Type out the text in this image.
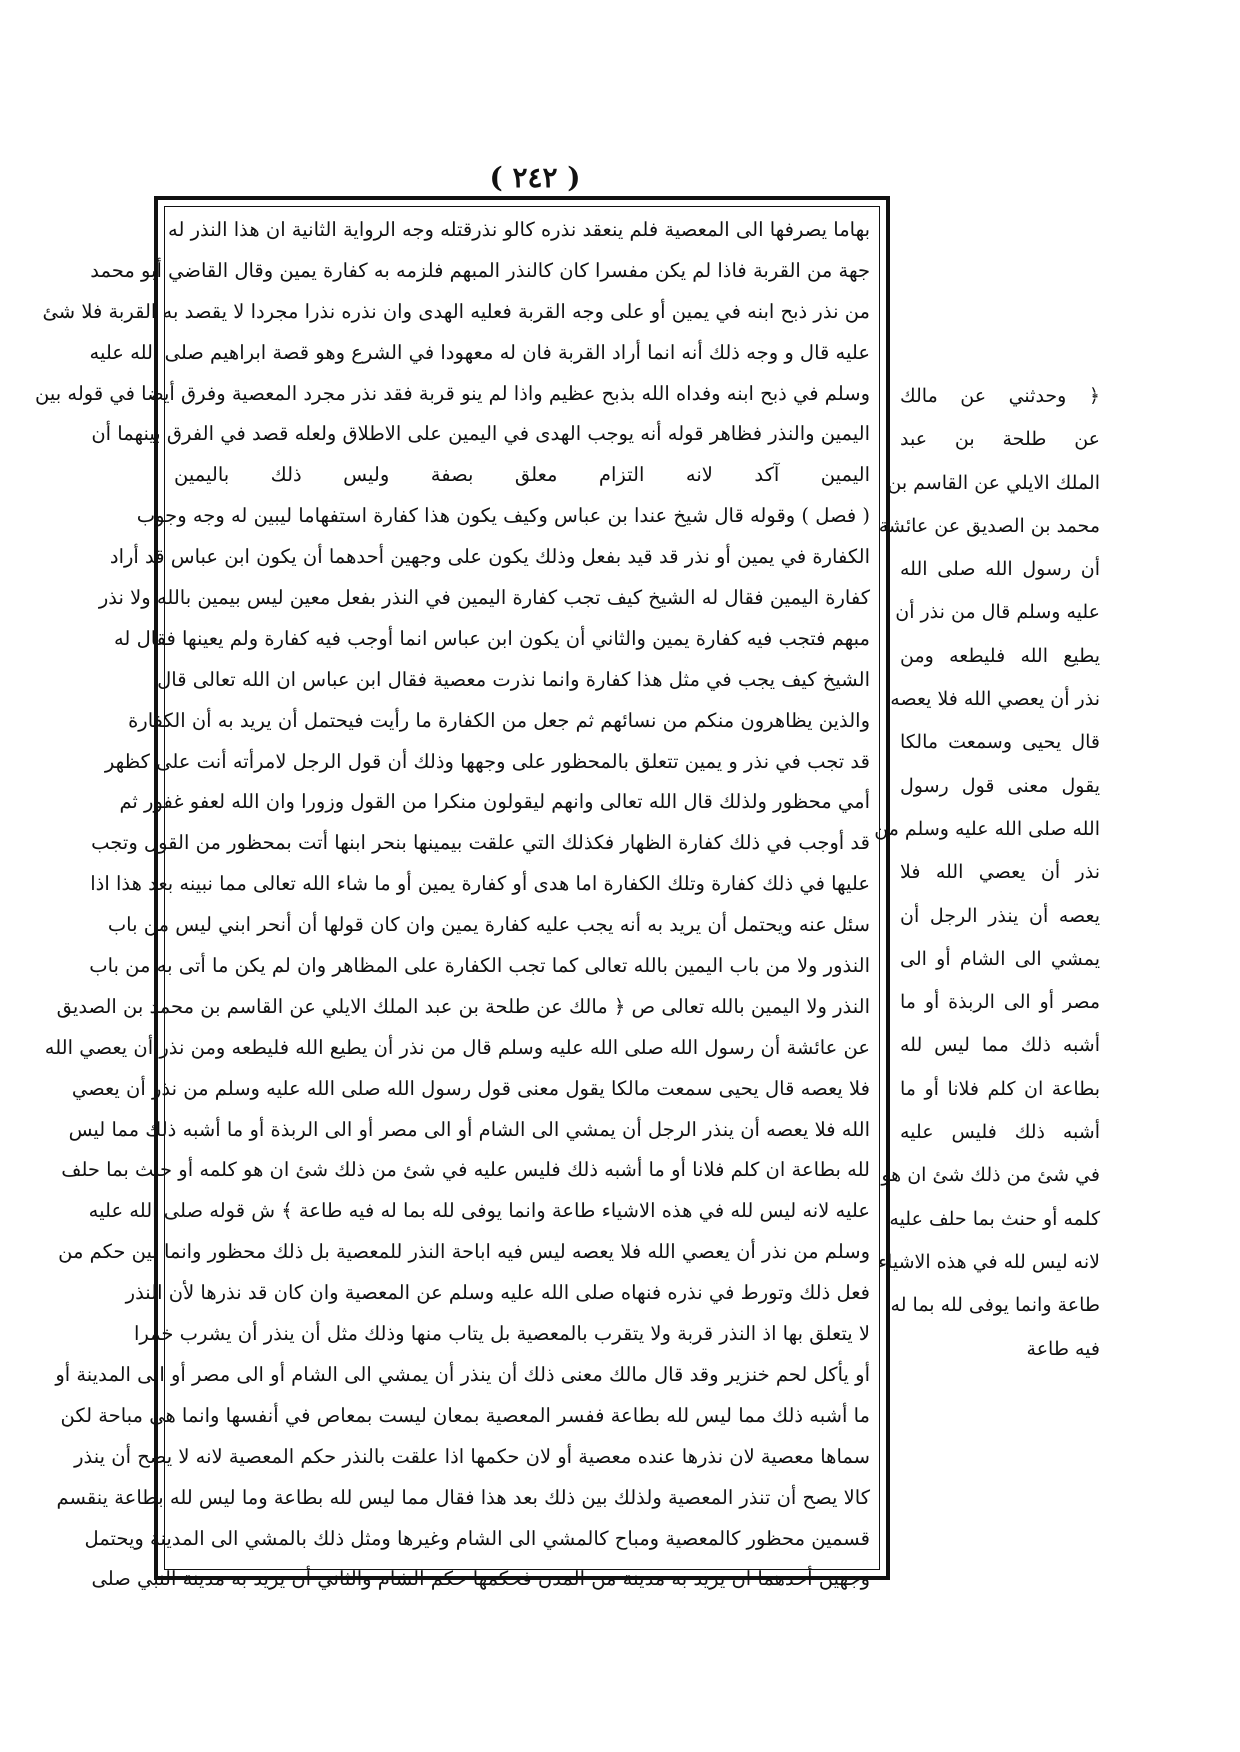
( ٢٤٢ )
بهاما يصرفها الى المعصية فلم ينعقد نذره كالو نذرقتله وجه الرواية الثانية ان هذا النذر له
جهة من القربة فاذا لم يكن مفسرا كان كالنذر المبهم فلزمه به كفارة يمين وقال القاضي أبو محمد
من نذر ذبح ابنه في يمين أو على وجه القربة فعليه الهدى وان نذره نذرا مجردا لا يقصد به القربة فلا شئ
عليه قال و وجه ذلك أنه انما أراد القربة فان له معهودا في الشرع وهو قصة ابراهيم صلى الله عليه
وسلم في ذبح ابنه وفداه الله بذبح عظيم واذا لم ينو قربة فقد نذر مجرد المعصية وفرق أيضا في قوله بين
اليمين والنذر فظاهر قوله أنه يوجب الهدى في اليمين على الاطلاق ولعله قصد في الفرق بينهما أن
اليمين آكد لانه التزام معلق بصفة وليس ذلك باليمين
( فصل ) وقوله قال شيخ عندا بن عباس وكيف يكون هذا كفارة استفهاما ليبين له وجه وجوب
الكفارة في يمين أو نذر قد قيد بفعل وذلك يكون على وجهين أحدهما أن يكون ابن عباس قد أراد
كفارة اليمين فقال له الشيخ كيف تجب كفارة اليمين في النذر بفعل معين ليس بيمين بالله ولا نذر
مبهم فتجب فيه كفارة يمين والثاني أن يكون ابن عباس انما أوجب فيه كفارة ولم يعينها فقال له
الشيخ كيف يجب في مثل هذا كفارة وانما نذرت معصية فقال ابن عباس ان الله تعالى قال
والذين يظاهرون منكم من نسائهم ثم جعل من الكفارة ما رأيت فيحتمل أن يريد به أن الكفارة
قد تجب في نذر و يمين تتعلق بالمحظور على وجهها وذلك أن قول الرجل لامرأته أنت على كظهر
أمي محظور ولذلك قال الله تعالى وانهم ليقولون منكرا من القول وزورا وان الله لعفو غفور ثم
قد أوجب في ذلك كفارة الظهار فكذلك التي علقت بيمينها بنحر ابنها أتت بمحظور من القول وتجب
عليها في ذلك كفارة وتلك الكفارة اما هدى أو كفارة يمين أو ما شاء الله تعالى مما نبينه بعد هذا اذا
سئل عنه ويحتمل أن يريد به أنه يجب عليه كفارة يمين وان كان قولها أن أنحر ابني ليس من باب
النذور ولا من باب اليمين بالله تعالى كما تجب الكفارة على المظاهر وان لم يكن ما أتى به من باب
النذر ولا اليمين بالله تعالى ص ﴿ مالك عن طلحة بن عبد الملك الايلي عن القاسم بن محمد بن الصديق
عن عائشة أن رسول الله صلى الله عليه وسلم قال من نذر أن يطيع الله فليطعه ومن نذر أن يعصي الله
فلا يعصه قال يحيى سمعت مالكا يقول معنى قول رسول الله صلى الله عليه وسلم من نذر أن يعصي
الله فلا يعصه أن ينذر الرجل أن يمشي الى الشام أو الى مصر أو الى الربذة أو ما أشبه ذلك مما ليس
لله بطاعة ان كلم فلانا أو ما أشبه ذلك فليس عليه في شئ من ذلك شئ ان هو كلمه أو حنث بما حلف
عليه لانه ليس لله في هذه الاشياء طاعة وانما يوفى لله بما له فيه طاعة ﴾ ش قوله صلى الله عليه
وسلم من نذر أن يعصي الله فلا يعصه ليس فيه اباحة النذر للمعصية بل ذلك محظور وانما بين حكم من
فعل ذلك وتورط في نذره فنهاه صلى الله عليه وسلم عن المعصية وان كان قد نذرها لأن النذر
لا يتعلق بها اذ النذر قربة ولا يتقرب بالمعصية بل يتاب منها وذلك مثل أن ينذر أن يشرب خمرا
أو يأكل لحم خنزير وقد قال مالك معنى ذلك أن ينذر أن يمشي الى الشام أو الى مصر أو الى المدينة أو
ما أشبه ذلك مما ليس لله بطاعة ففسر المعصية بمعان ليست بمعاص في أنفسها وانما هي مباحة لكن
سماها معصية لان نذرها عنده معصية أو لان حكمها اذا علقت بالنذر حكم المعصية لانه لا يصح أن ينذر
كالا يصح أن تنذر المعصية ولذلك بين ذلك بعد هذا فقال مما ليس لله بطاعة وما ليس لله بطاعة ينقسم
قسمين محظور كالمعصية ومباح كالمشي الى الشام وغيرها ومثل ذلك بالمشي الى المدينة ويحتمل
وجهين أحدهما ان يريد به مدينة من المدن فحكمها حكم الشام والثاني أن يريد به مدينة النبي صلى
﴿ وحدثني عن مالك
عن طلحة بن عبد
الملك الايلي عن القاسم بن
محمد بن الصديق عن عائشة
أن رسول الله صلى الله
عليه وسلم قال من نذر أن
يطيع الله فليطعه ومن
نذر أن يعصي الله فلا يعصه
قال يحيى وسمعت مالكا
يقول معنى قول رسول
الله صلى الله عليه وسلم من
نذر أن يعصي الله فلا
يعصه أن ينذر الرجل أن
يمشي الى الشام أو الى
مصر أو الى الربذة أو ما
أشبه ذلك مما ليس لله
بطاعة ان كلم فلانا أو ما
أشبه ذلك فليس عليه
في شئ من ذلك شئ ان هو
كلمه أو حنث بما حلف عليه
لانه ليس لله في هذه الاشياء
طاعة وانما يوفى لله بما له
فيه طاعة
